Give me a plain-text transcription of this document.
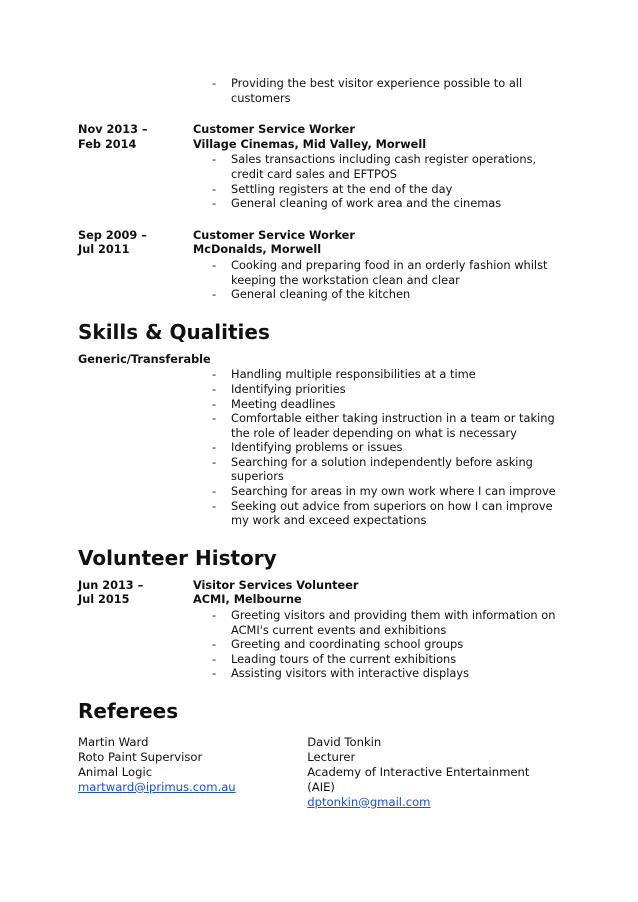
- Providing the best visitor experience possible to all customers
Nov 2013 –
Feb 2014
Customer Service Worker
Village Cinemas, Mid Valley, Morwell
- Sales transactions including cash register operations, credit card sales and EFTPOS
- Settling registers at the end of the day
- General cleaning of work area and the cinemas
Sep 2009 –
Jul 2011
Customer Service Worker
McDonalds, Morwell
- Cooking and preparing food in an orderly fashion whilst keeping the workstation clean and clear
- General cleaning of the kitchen
Skills & Qualities
Generic/Transferable
- Handling multiple responsibilities at a time
- Identifying priorities
- Meeting deadlines
- Comfortable either taking instruction in a team or taking the role of leader depending on what is necessary
- Identifying problems or issues
- Searching for a solution independently before asking superiors
- Searching for areas in my own work where I can improve
- Seeking out advice from superiors on how I can improve my work and exceed expectations
Volunteer History
Jun 2013 –
Jul 2015
Visitor Services Volunteer
ACMI, Melbourne
- Greeting visitors and providing them with information on ACMI's current events and exhibitions
- Greeting and coordinating school groups
- Leading tours of the current exhibitions
- Assisting visitors with interactive displays
Referees
Martin Ward
Roto Paint Supervisor
Animal Logic
martward@iprimus.com.au
David Tonkin
Lecturer
Academy of Interactive Entertainment (AIE)
dptonkin@gmail.com
